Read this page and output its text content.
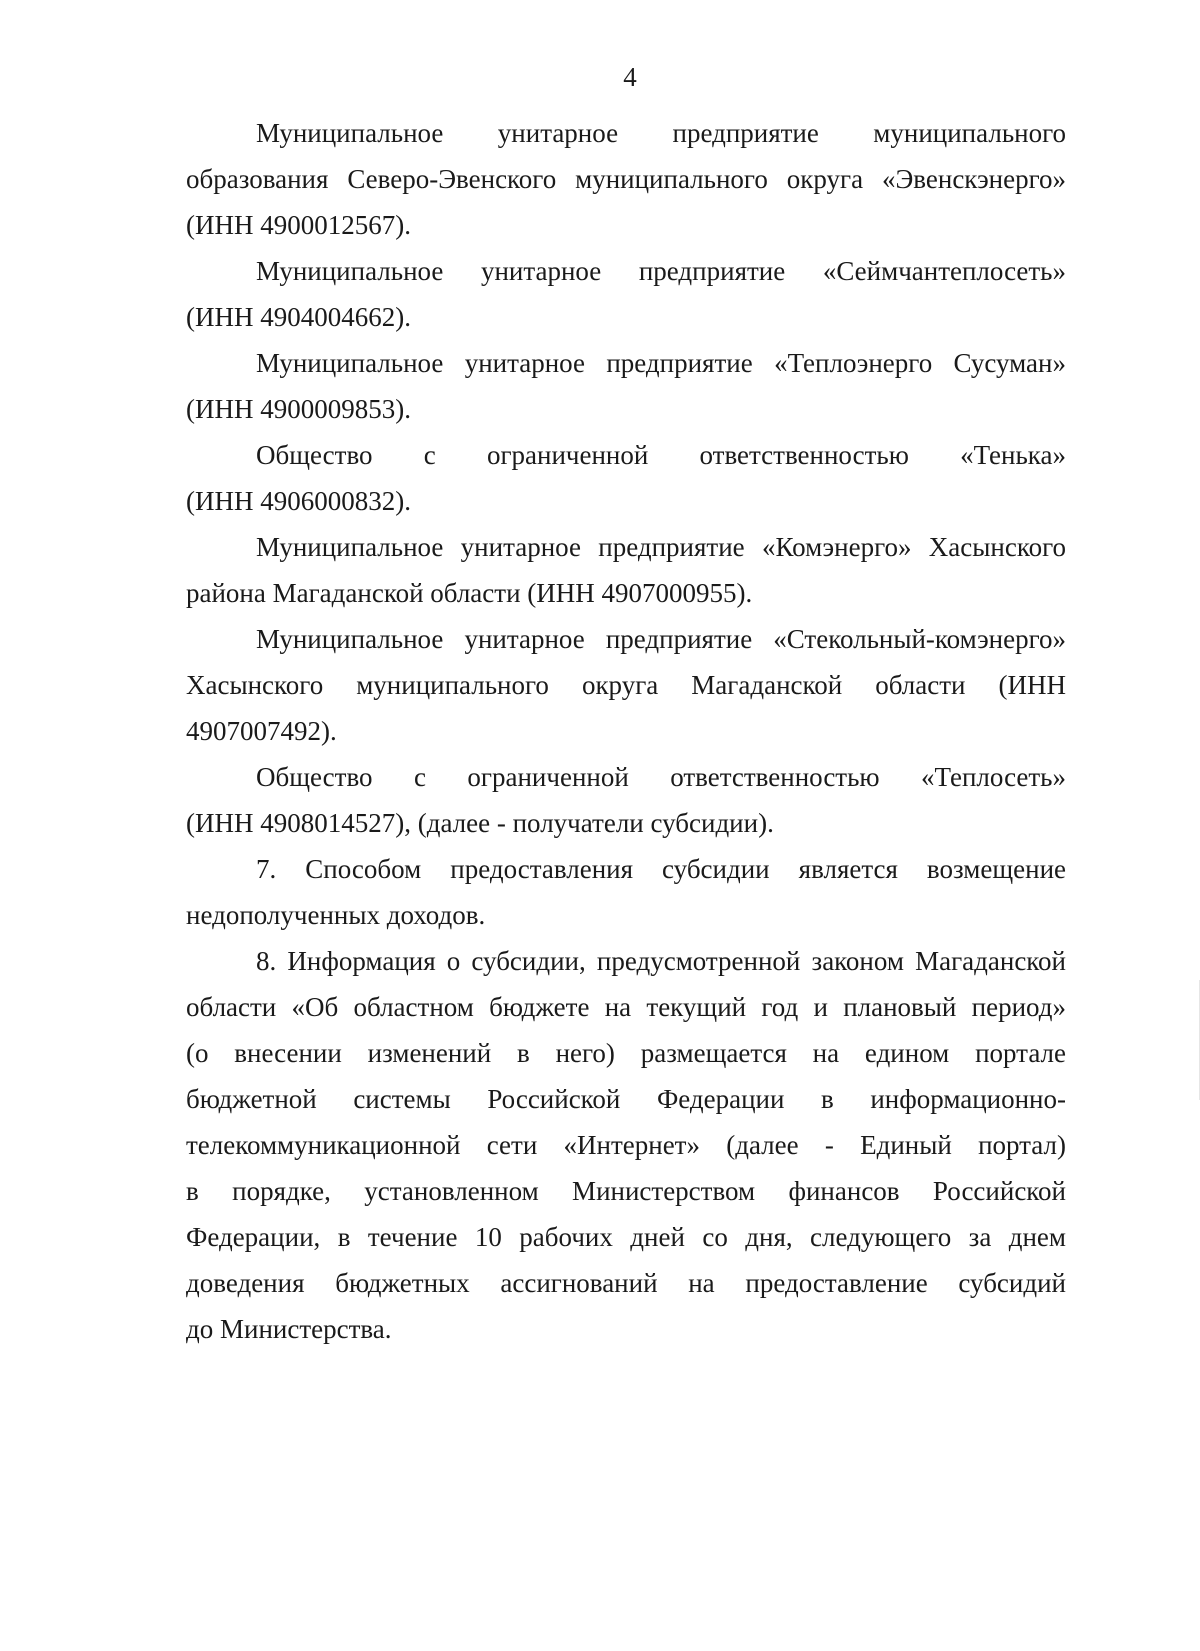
4
Муниципальное унитарное предприятие муниципального
образования Северо-Эвенского муниципального округа «Эвенскэнерго»
(ИНН 4900012567).
Муниципальное унитарное предприятие «Сеймчантеплосеть»
(ИНН 4904004662).
Муниципальное унитарное предприятие «Теплоэнерго Сусуман»
(ИНН 4900009853).
Общество с ограниченной ответственностью «Тенька»
(ИНН 4906000832).
Муниципальное унитарное предприятие «Комэнерго» Хасынского
района Магаданской области (ИНН 4907000955).
Муниципальное унитарное предприятие «Стекольный-комэнерго»
Хасынского муниципального округа Магаданской области (ИНН
4907007492).
Общество с ограниченной ответственностью «Теплосеть»
(ИНН 4908014527), (далее - получатели субсидии).
7. Способом предоставления субсидии является возмещение
недополученных доходов.
8. Информация о субсидии, предусмотренной законом Магаданской
области «Об областном бюджете на текущий год и плановый период»
(о внесении изменений в него) размещается на едином портале
бюджетной системы Российской Федерации в информационно-
телекоммуникационной сети «Интернет» (далее - Единый портал)
в порядке, установленном Министерством финансов Российской
Федерации, в течение 10 рабочих дней со дня, следующего за днем
доведения бюджетных ассигнований на предоставление субсидий
до Министерства.
